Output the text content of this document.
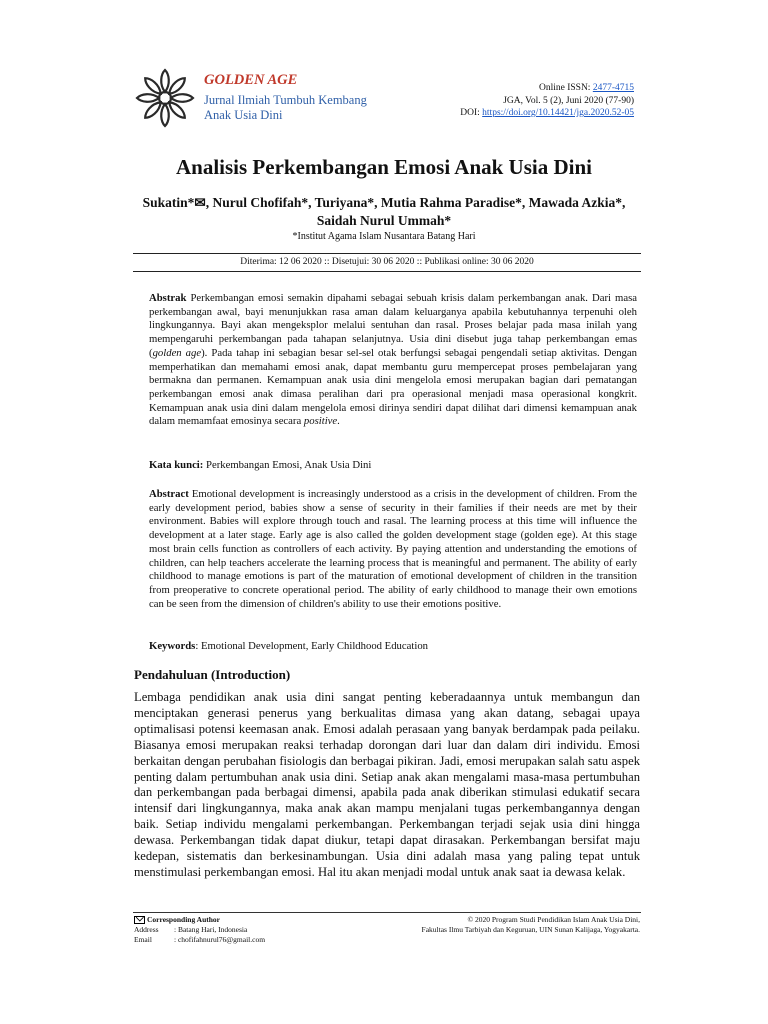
GOLDEN AGE
Jurnal Ilmiah Tumbuh Kembang
Anak Usia Dini
Online ISSN: 2477-4715
JGA, Vol. 5 (2), Juni 2020 (77-90)
DOI: https://doi.org/10.14421/jga.2020.52-05
Analisis Perkembangan Emosi Anak Usia Dini
Sukatin*✉, Nurul Chofifah*, Turiyana*, Mutia Rahma Paradise*, Mawada Azkia*,
Saidah Nurul Ummah*
*Institut Agama Islam Nusantara Batang Hari
Diterima: 12 06 2020 :: Disetujui: 30 06 2020 :: Publikasi online: 30 06 2020
Abstrak Perkembangan emosi semakin dipahami sebagai sebuah krisis dalam perkembangan anak. Dari masa perkembangan awal, bayi menunjukkan rasa aman dalam keluarganya apabila kebutuhannya terpenuhi oleh lingkungannya. Bayi akan mengeksplor melalui sentuhan dan rasal. Proses belajar pada masa inilah yang mempengaruhi perkembangan pada tahapan selanjutnya. Usia dini disebut juga tahap perkembangan emas (golden age). Pada tahap ini sebagian besar sel-sel otak berfungsi sebagai pengendali setiap aktivitas. Dengan memperhatikan dan memahami emosi anak, dapat membantu guru mempercepat proses pembelajaran yang bermakna dan permanen. Kemampuan anak usia dini mengelola emosi merupakan bagian dari pematangan perkembangan emosi anak dimasa peralihan dari pra operasional menjadi masa operasional kongkrit. Kemampuan anak usia dini dalam mengelola emosi dirinya sendiri dapat dilihat dari dimensi kemampuan anak dalam memamfaat emosinya secara positive.
Kata kunci: Perkembangan Emosi, Anak Usia Dini
Abstract Emotional development is increasingly understood as a crisis in the development of children. From the early development period, babies show a sense of security in their families if their needs are met by their environment. Babies will explore through touch and rasal. The learning process at this time will influence the development at a later stage. Early age is also called the golden development stage (golden ege). At this stage most brain cells function as controllers of each activity. By paying attention and understanding the emotions of children, can help teachers accelerate the learning process that is meaningful and permanent. The ability of early childhood to manage emotions is part of the maturation of emotional development of children in the transition from preoperative to concrete operational period. The ability of early childhood to manage their own emotions can be seen from the dimension of children's ability to use their emotions positive.
Keywords: Emotional Development, Early Childhood Education
Pendahuluan (Introduction)
Lembaga pendidikan anak usia dini sangat penting keberadaannya untuk membangun dan menciptakan generasi penerus yang berkualitas dimasa yang akan datang, sebagai upaya optimalisasi potensi keemasan anak. Emosi adalah perasaan yang banyak berdampak pada peilaku. Biasanya emosi merupakan reaksi terhadap dorongan dari luar dan dalam diri individu. Emosi berkaitan dengan perubahan fisiologis dan berbagai pikiran. Jadi, emosi merupakan salah satu aspek penting dalam pertumbuhan anak usia dini. Setiap anak akan mengalami masa-masa pertumbuhan dan perkembangan pada berbagai dimensi, apabila pada anak diberikan stimulasi edukatif secara intensif dari lingkungannya, maka anak akan mampu menjalani tugas perkembangannya dengan baik. Setiap individu mengalami perkembangan. Perkembangan terjadi sejak usia dini hingga dewasa. Perkembangan tidak dapat diukur, tetapi dapat dirasakan. Perkembangan bersifat maju kedepan, sistematis dan berkesinambungan. Usia dini adalah masa yang paling tepat untuk menstimulasi perkembangan emosi. Hal itu akan menjadi modal untuk anak saat ia dewasa kelak.
Corresponding Author
Address : Batang Hari, Indonesia
Email	: chofifahnurul76@gmail.com
© 2020 Program Studi Pendidikan Islam Anak Usia Dini,
Fakultas Ilmu Tarbiyah dan Keguruan, UIN Sunan Kalijaga, Yogyakarta.
